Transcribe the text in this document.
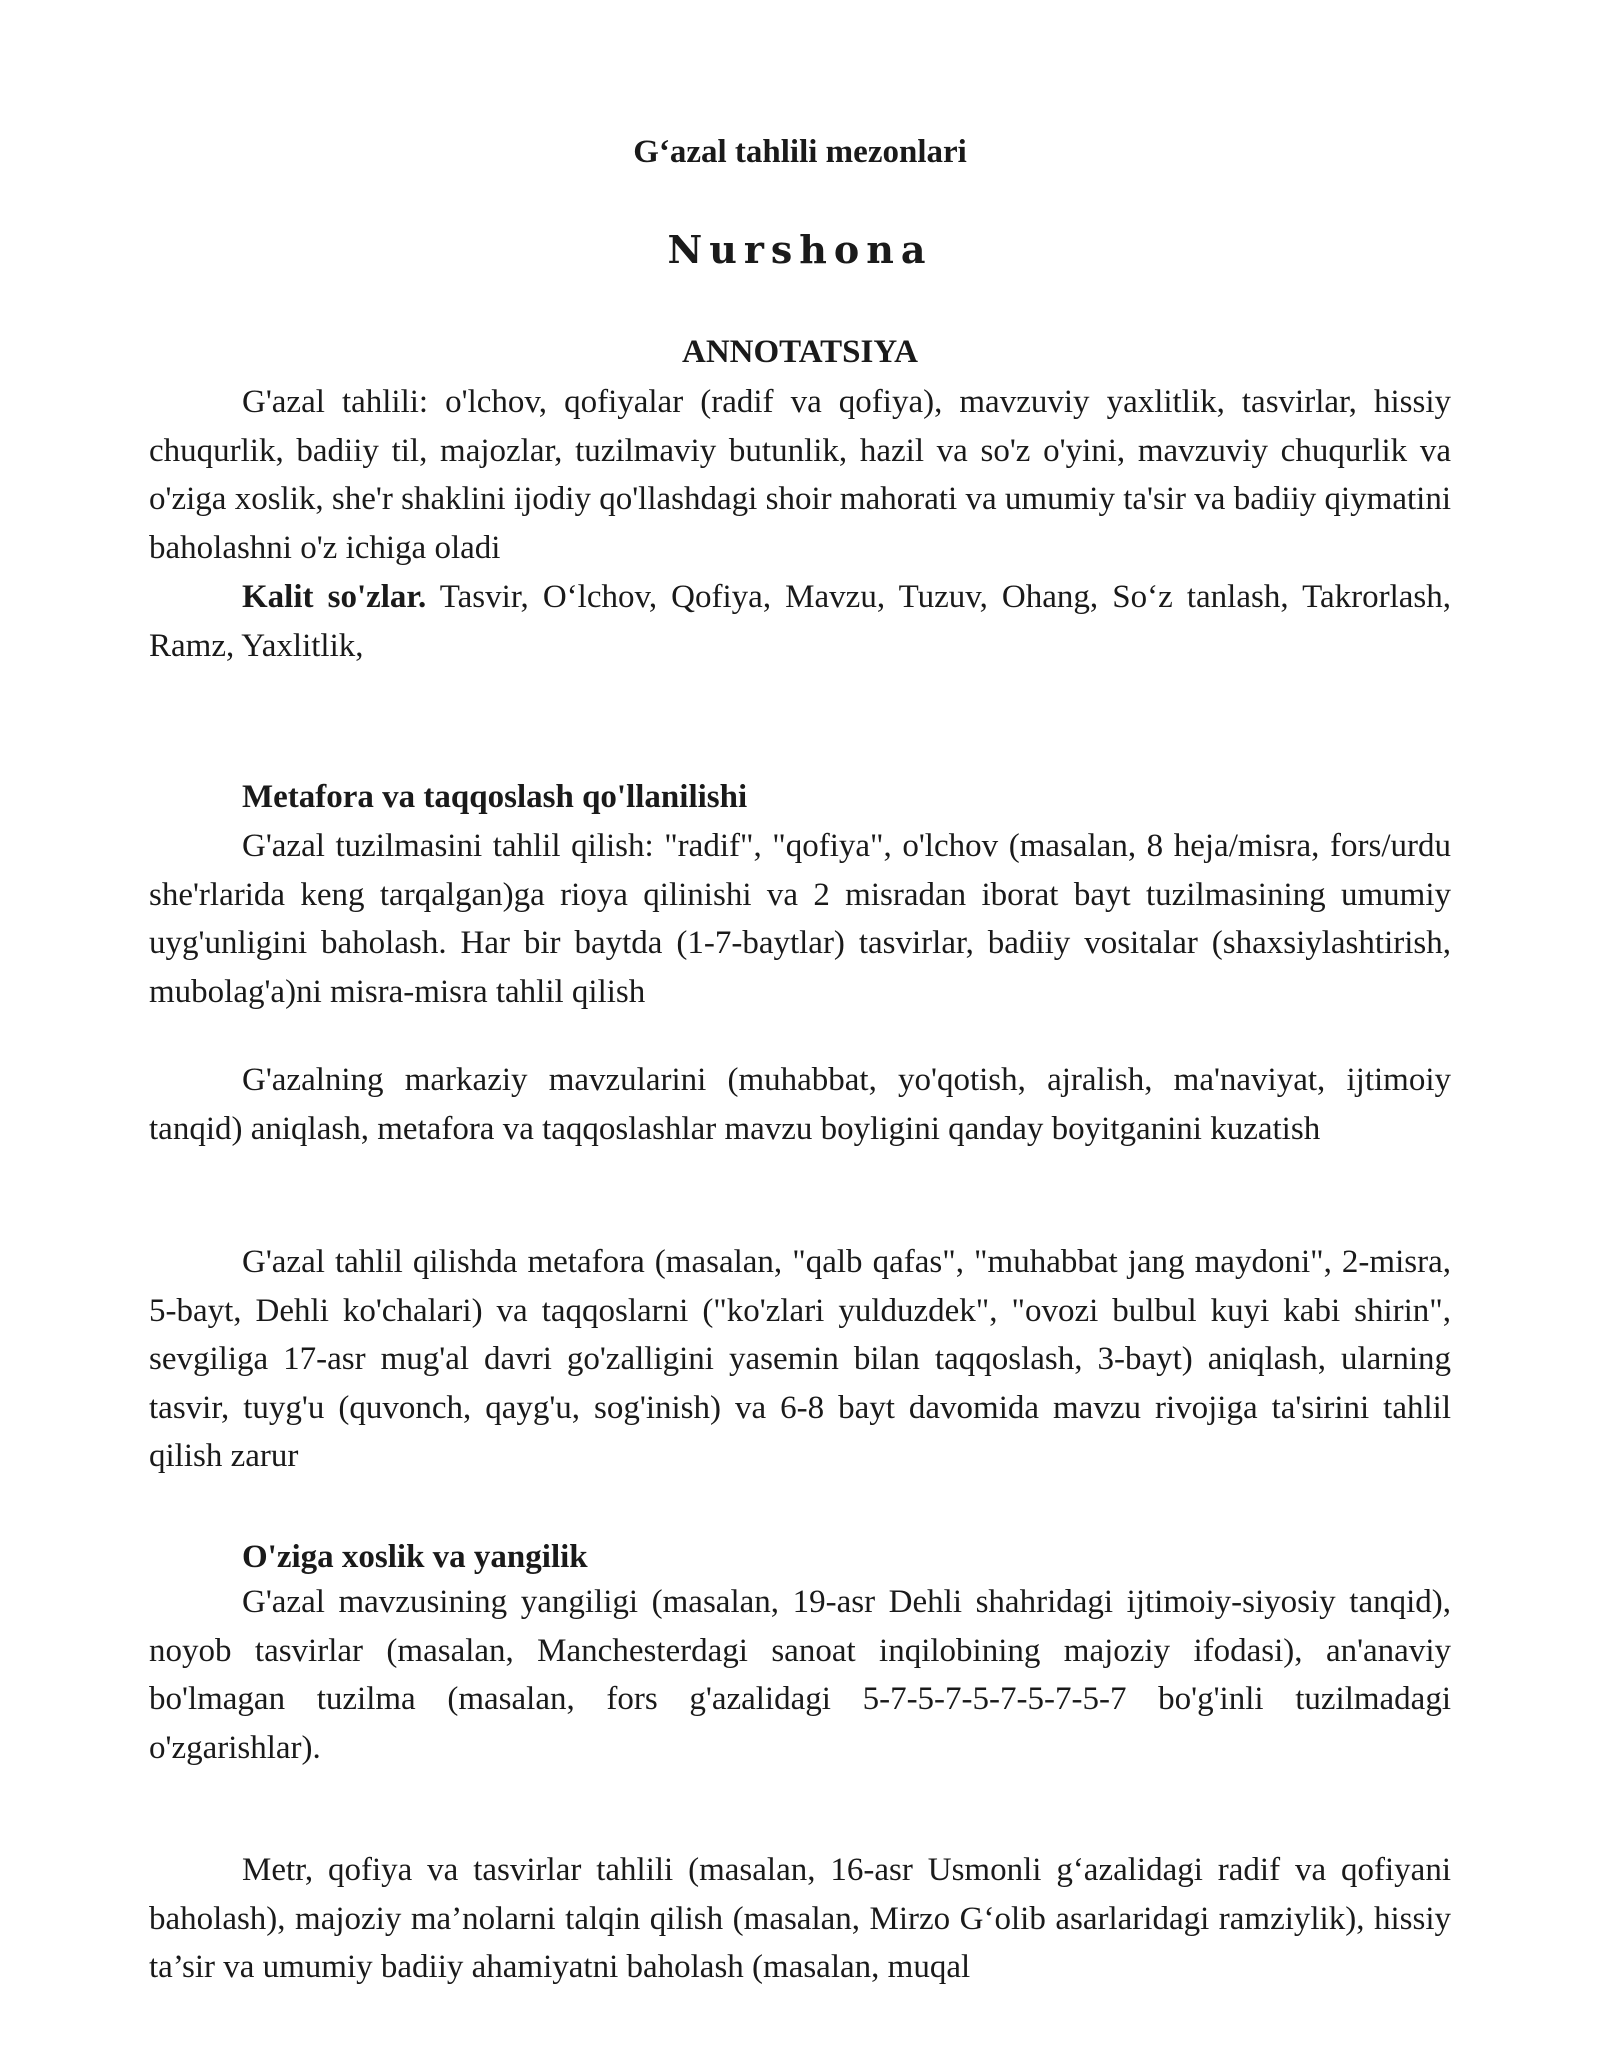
G‘azal tahlili mezonlari
Nurshona
ANNOTATSIYA

G'azal tahlili: o'lchov, qofiyalar (radif va qofiya), mavzuviy yaxlitlik, tasvirlar, hissiy chuqurlik, badiiy til, majozlar, tuzilmaviy butunlik, hazil va so'z o'yini, mavzuviy chuqurlik va o'ziga xoslik, she'r shaklini ijodiy qo'llashdagi shoir mahorati va umumiy ta'sir va badiiy qiymatini baholashni o'z ichiga oladi

Kalit so'zlar. Tasvir, O‘lchov, Qofiya, Mavzu, Tuzuv, Ohang, So‘z tanlash, Takrorlash, Ramz, Yaxlitlik,

Metafora va taqqoslash qo'llanilishi

G'azal tuzilmasini tahlil qilish: "radif", "qofiya", o'lchov (masalan, 8 heja/misra, fors/urdu she'rlarida keng tarqalgan)ga rioya qilinishi va 2 misradan iborat bayt tuzilmasining umumiy uyg'unligini baholash. Har bir baytda (1-7-baytlar) tasvirlar, badiiy vositalar (shaxsiylashtirish, mubolag'a)ni misra-misra tahlil qilish

G'azalning markaziy mavzularini (muhabbat, yo'qotish, ajralish, ma'naviyat, ijtimoiy tanqid) aniqlash, metafora va taqqoslashlar mavzu boyligini qanday boyitganini kuzatish

G'azal tahlil qilishda metafora (masalan, "qalb qafas", "muhabbat jang maydoni", 2-misra, 5-bayt, Dehli ko'chalari) va taqqoslarni ("ko'zlari yulduzdek", "ovozi bulbul kuyi kabi shirin", sevgiliga 17-asr mug'al davri go'zalligini yasemin bilan taqqoslash, 3-bayt) aniqlash, ularning tasvir, tuyg'u (quvonch, qayg'u, sog'inish) va 6-8 bayt davomida mavzu rivojiga ta'sirini tahlil qilish zarur

O'ziga xoslik va yangilik

G'azal mavzusining yangiligi (masalan, 19-asr Dehli shahridagi ijtimoiy-siyosiy tanqid), noyob tasvirlar (masalan, Manchesterdagi sanoat inqilobining majoziy ifodasi), an'anaviy bo'lmagan tuzilma (masalan, fors g'azalidagi 5-7-5-7-5-7-5-7-5-7 bo'g'inli tuzilmadagi o'zgarishlar).

Metr, qofiya va tasvirlar tahlili (masalan, 16-asr Usmonli g‘azalidagi radif va qofiyani baholash), majoziy ma’nolarni talqin qilish (masalan, Mirzo G‘olib asarlaridagi ramziylik), hissiy ta’sir va umumiy badiiy ahamiyatni baholash (masalan, muqal
